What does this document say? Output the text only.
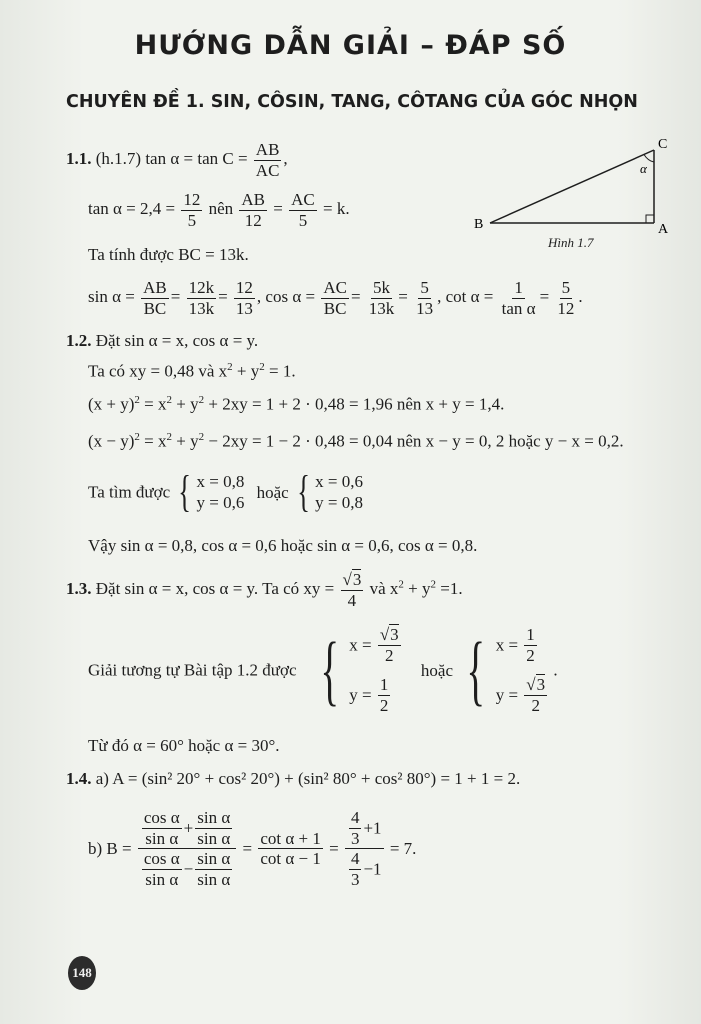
HƯỚNG DẪN GIẢI – ĐÁP SỐ
CHUYÊN ĐỀ 1. SIN, CÔSIN, TANG, CÔTANG CỦA GÓC NHỌN
C
A
B
α
Hình 1.7
1.1. (h.1.7) $\tan \alpha = \tan C = \frac{AB}{AC}$ ,
$\tan \alpha = 2,4 = \frac{12}{5}$ nên $\frac{AB}{12} = \frac{AC}{5} = k$.
Ta tính được BC = 13k.
$\sin \alpha = \frac{AB}{BC} = \frac{12k}{13k} = \frac{12}{13}$ , $\cos \alpha = \frac{AC}{BC} = \frac{5k}{13k} = \frac{5}{13}$ , $\cot \alpha = \frac{1}{\text{tan α}} = \frac{5}{12}$ .
1.2. Đặt sin α = x, cos α = y.
Ta có xy = 0,48 và $x^2 + y^2 = 1$.
$(x + y)^2 = x^2 + y^2 + 2xy = 1 + 2 \cdot 0,48 = 1,96$ nên x + y = 1,4.
$(x - y)^2 = x^2 + y^2 - 2xy = 1 - 2 \cdot 0,48 = 0,04$ nên x − y = 0, 2 hoặc y − x = 0,2.
Ta tìm được { x = 0,8
y = 0,6
hoặc { x = 0,6
y = 0,8
Vậy sin α = 0,8, cos α = 0,6 hoặc sin α = 0,6, cos α = 0,8.
1.3. Đặt sin α = x, cos α = y. Ta có xy = $\frac{√3}{4}$ và $x^2 + y^2 =1$.
Giải tương tự Bài tập 1.2 được { $x = \frac{√3}{2}$
$y = \frac{1}{2}$
hoặc { $x = \frac{1}{2}$
$y = \frac{√3}{2}$
.
Từ đó α = 60° hoặc α = 30°.
1.4. a) A = (sin² 20° + cos² 20°) + (sin² 80° + cos² 80°) = 1 + 1 = 2.
b) $B = \frac{\frac{\text{cos α}}{\text{sin α}} + \frac{\text{sin α}}{\text{sin α}}}{\frac{\text{cos α}}{\text{sin α}} - \frac{\text{sin α}}{\text{sin α}}} = \frac{\text{cot α + 1}}{\text{cot α − 1}} = \frac{\frac{4}{3} +1}{\frac{4}{3} -1} = 7$.
148
